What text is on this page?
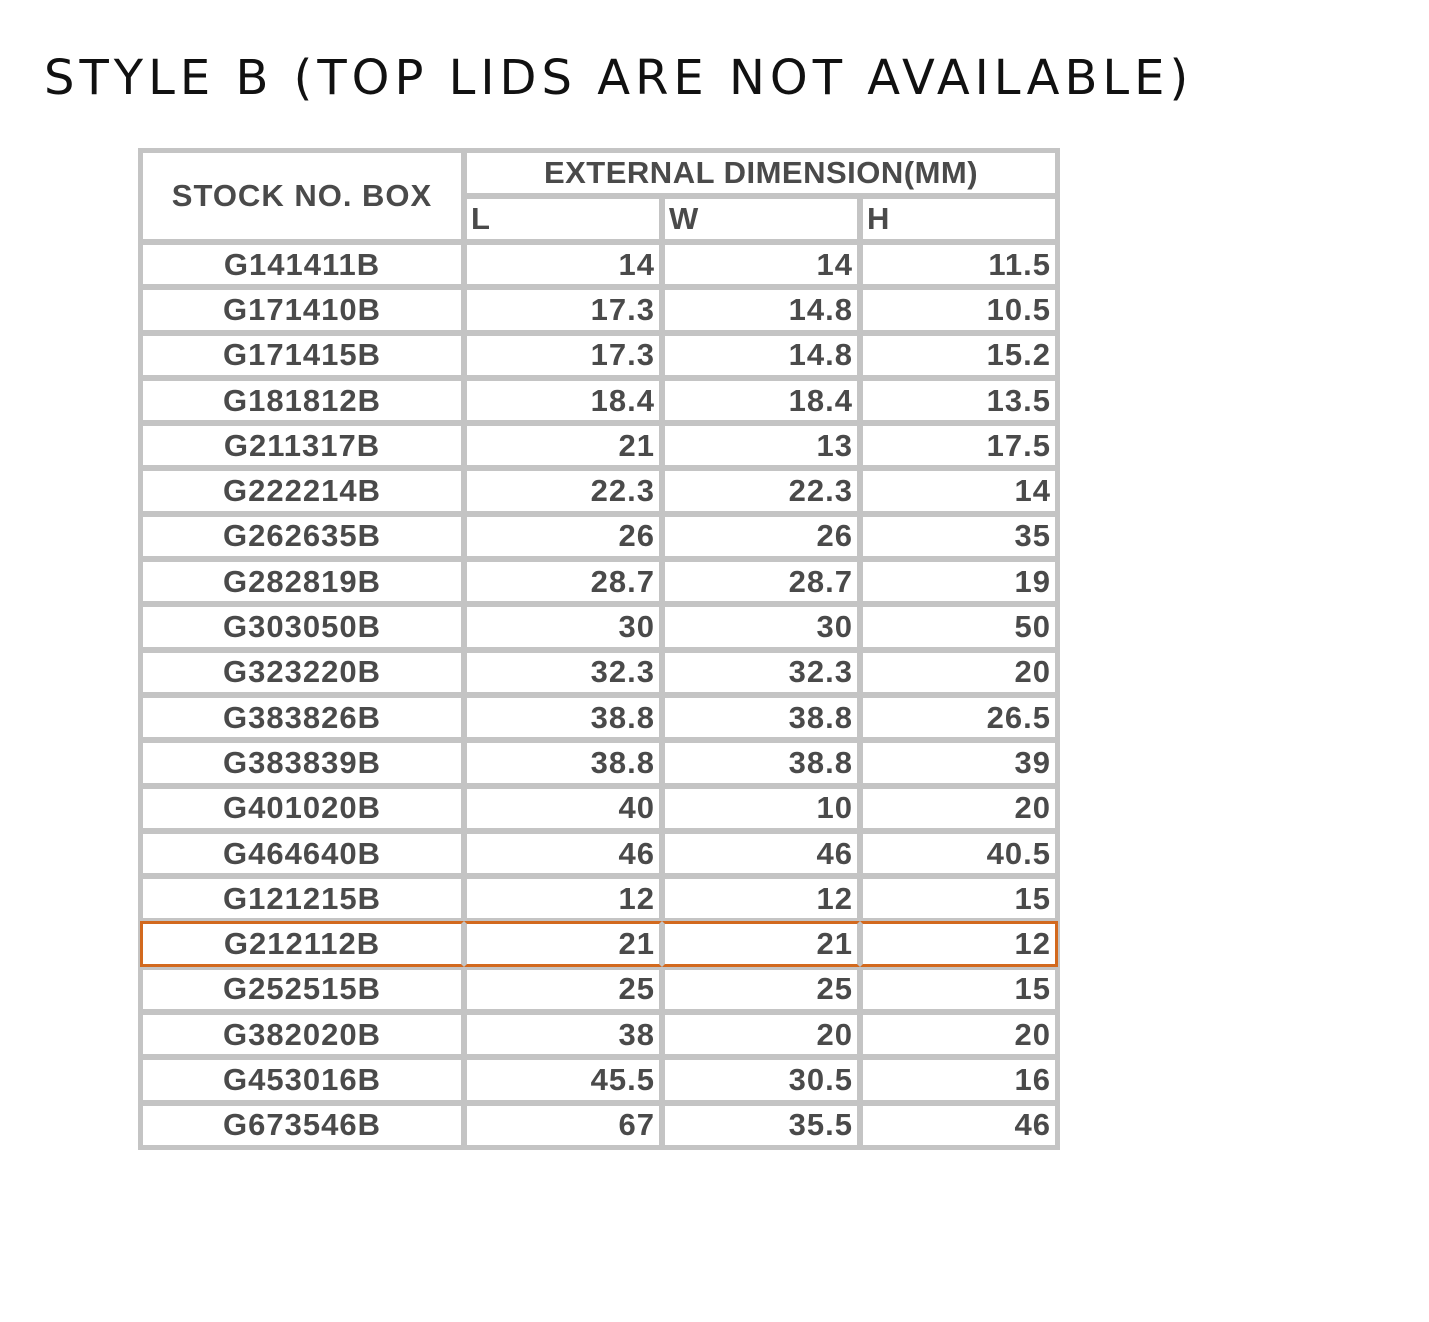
STYLE B (TOP LIDS ARE NOT AVAILABLE)
STOCK NO. BOX	EXTERNAL DIMENSION(MM)		
	L	W	H
G141411B	14	14	11.5
G171410B	17.3	14.8	10.5
G171415B	17.3	14.8	15.2
G181812B	18.4	18.4	13.5
G211317B	21	13	17.5
G222214B	22.3	22.3	14
G262635B	26	26	35
G282819B	28.7	28.7	19
G303050B	30	30	50
G323220B	32.3	32.3	20
G383826B	38.8	38.8	26.5
G383839B	38.8	38.8	39
G401020B	40	10	20
G464640B	46	46	40.5
G121215B	12	12	15
G212112B	21	21	12
G252515B	25	25	15
G382020B	38	20	20
G453016B	45.5	30.5	16
G673546B	67	35.5	46
